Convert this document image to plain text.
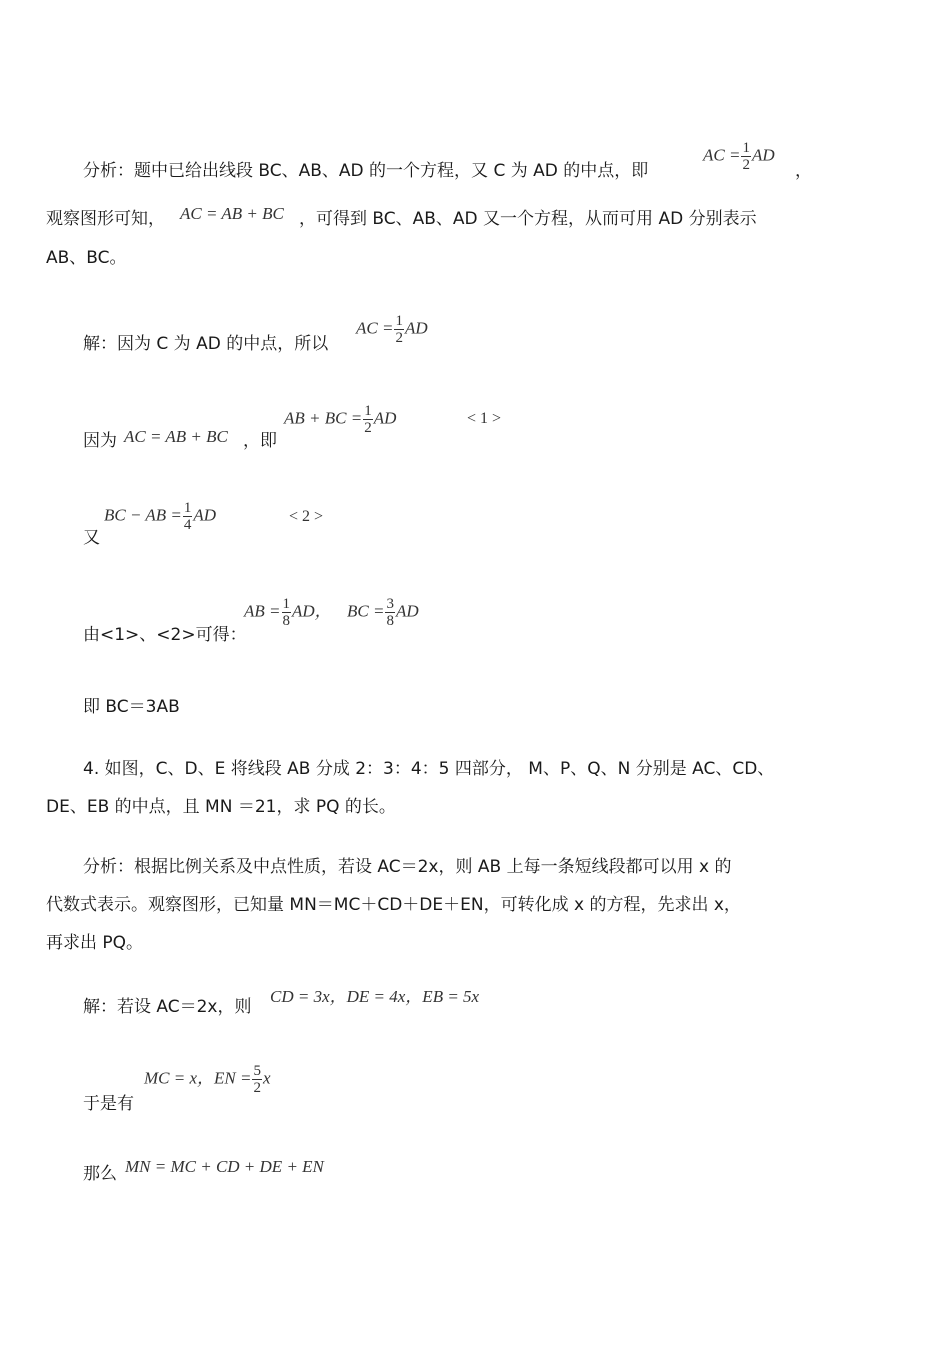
分析：题中已给出线段 BC、AB、AD 的一个方程，又 C 为 AD 的中点，即
AC = $\frac{1}{2}$ AD
，
观察图形可知， AC = AB + BC ，可得到 BC、AB、AD 又一个方程，从而可用 AD 分别表示
AB、BC。
解：因为 C 为 AD 的中点，所以
AC = $\frac{1}{2}$ AD
因为 AC = AB + BC ，即
AB + BC = $\frac{1}{2}$ AD	< 1 >
又
BC − AB = $\frac{1}{4}$ AD	< 2 >
由<1>、<2>可得：
AB = $\frac{1}{8}$ AD， BC = $\frac{3}{8}$ AD
即 BC＝3AB
4. 如图，C、D、E 将线段 AB 分成 2：3：4：5 四部分， M、P、Q、N 分别是 AC、CD、
DE、EB 的中点，且 MN ＝21，求 PQ 的长。
分析：根据比例关系及中点性质，若设 AC＝2x，则 AB 上每一条短线段都可以用 x 的
代数式表示。观察图形，已知量 MN＝MC＋CD＋DE＋EN，可转化成 x 的方程，先求出 x，
再求出 PQ。
解：若设 AC＝2x，则
CD = 3x，DE = 4x，EB = 5x
于是有
MC = x，EN = $\frac{5}{2}$ x
那么 MN = MC + CD + DE + EN
